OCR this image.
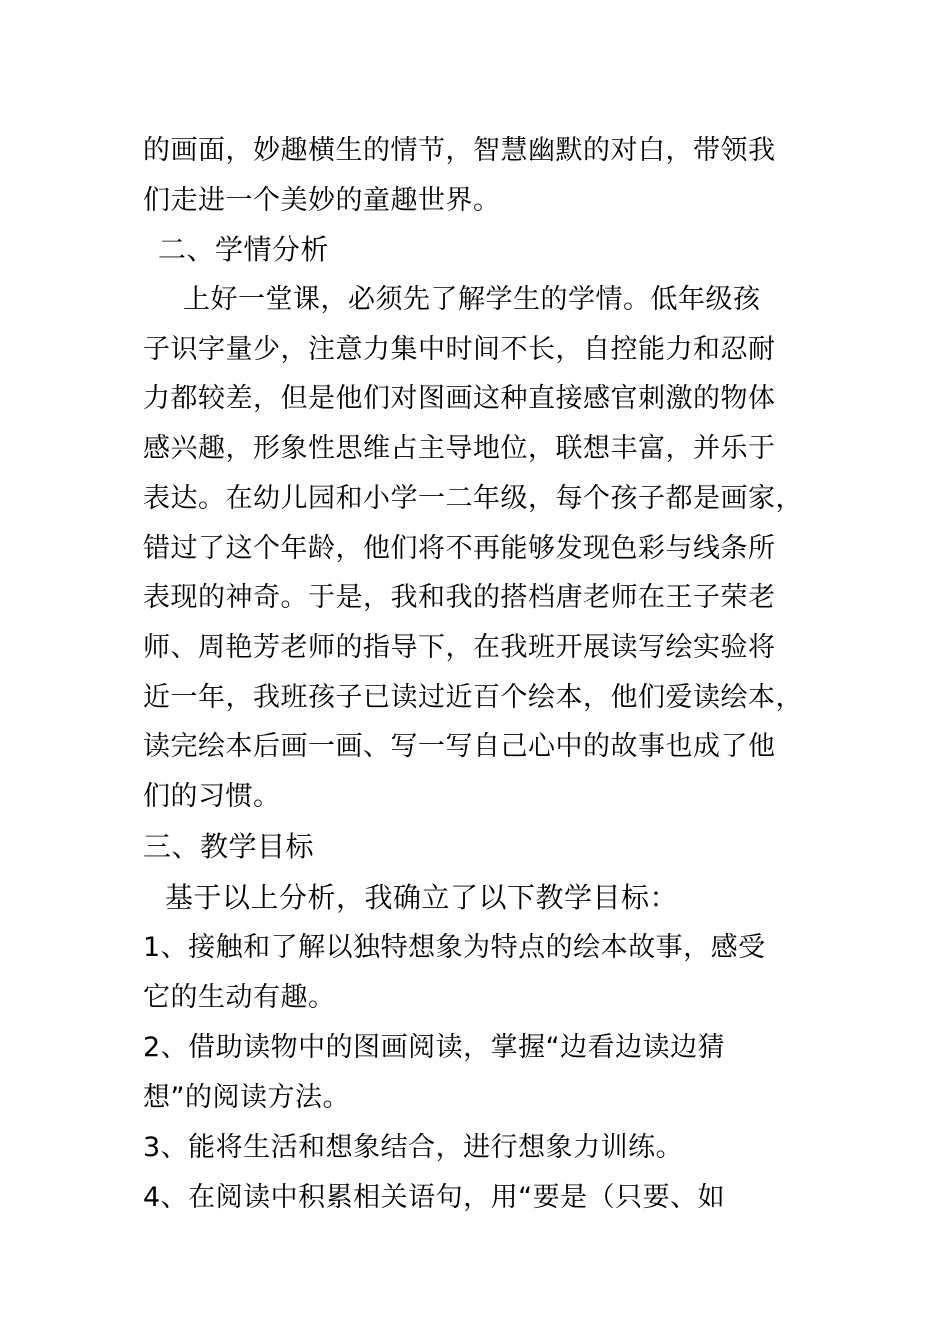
的画面，妙趣横生的情节，智慧幽默的对白，带领我
们走进一个美妙的童趣世界。
二、学情分析
上好一堂课，必须先了解学生的学情。低年级孩
子识字量少，注意力集中时间不长，自控能力和忍耐
力都较差，但是他们对图画这种直接感官刺激的物体
感兴趣，形象性思维占主导地位，联想丰富，并乐于
表达。在幼儿园和小学一二年级，每个孩子都是画家，
错过了这个年龄，他们将不再能够发现色彩与线条所
表现的神奇。于是，我和我的搭档唐老师在王子荣老
师、周艳芳老师的指导下，在我班开展读写绘实验将
近一年，我班孩子已读过近百个绘本，他们爱读绘本，
读完绘本后画一画、写一写自己心中的故事也成了他
们的习惯。
三、教学目标
基于以上分析，我确立了以下教学目标：
1、接触和了解以独特想象为特点的绘本故事，感受
它的生动有趣。
2、借助读物中的图画阅读，掌握“边看边读边猜
想”的阅读方法。
3、能将生活和想象结合，进行想象力训练。
4、在阅读中积累相关语句，用“要是（只要、如
